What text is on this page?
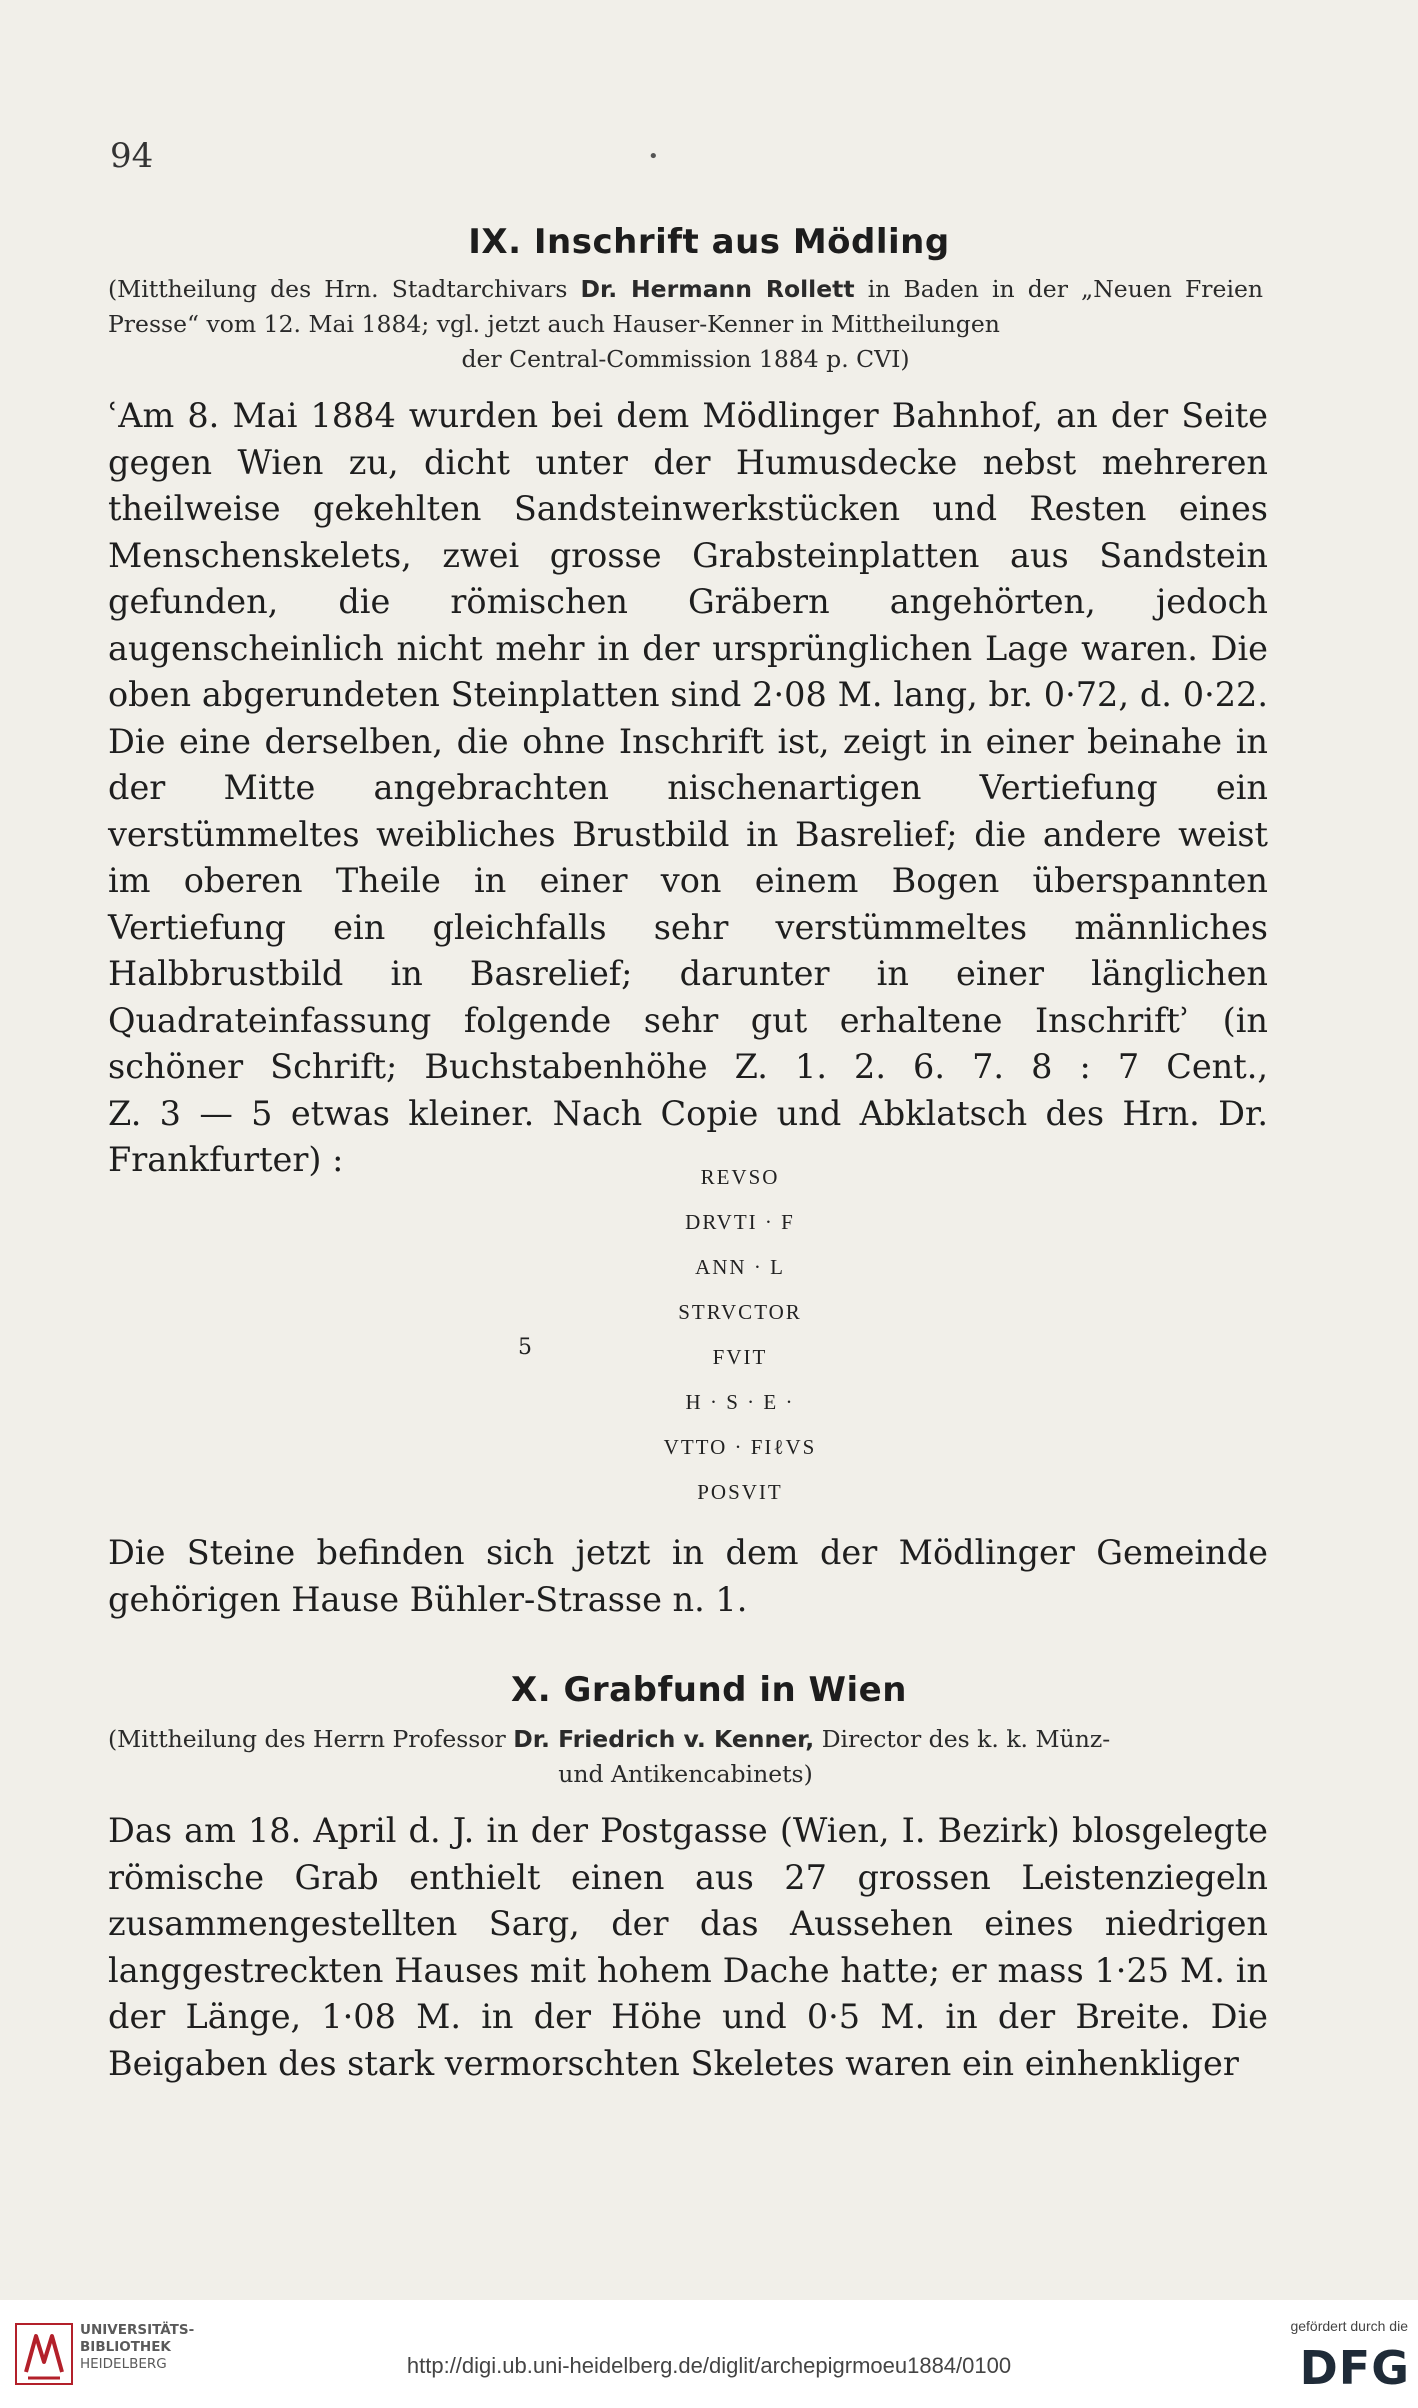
94	•
IX. Inschrift aus Mödling
(Mittheilung des Hrn. Stadtarchivars Dr. Hermann Rollett in Baden in der „Neuen Freien Presse“ vom 12. Mai 1884; vgl. jetzt auch Hauser-Kenner in Mittheilungen
der Central-Commission 1884 p. CVI)
ʿAm 8. Mai 1884 wurden bei dem Mödlinger Bahnhof, an der Seite gegen Wien zu, dicht unter der Humusdecke nebst mehreren theilweise gekehlten Sandsteinwerkstücken und Resten eines Menschenskelets, zwei grosse Grabsteinplatten aus Sandstein gefunden, die römischen Gräbern angehörten, jedoch augenscheinlich nicht mehr in der ursprünglichen Lage waren. Die oben abgerundeten Steinplatten sind 2·08 M. lang, br. 0·72, d. 0·22. Die eine derselben, die ohne Inschrift ist, zeigt in einer beinahe in der Mitte angebrachten nischenartigen Vertiefung ein verstümmeltes weibliches Brustbild in Basrelief; die andere weist im oberen Theile in einer von einem Bogen überspannten Vertiefung ein gleichfalls sehr verstümmeltes männliches Halbbrustbild in Basrelief; darunter in einer länglichen Quadrateinfassung folgende sehr gut erhaltene Inschriftʾ (in schöner Schrift; Buchstabenhöhe Z. 1. 2. 6. 7. 8 : 7 Cent.,
Z. 3 — 5 etwas kleiner. Nach Copie und Abklatsch des Hrn. Dr. Frankfurter) :	REVSO
DRVTI · F
ANN · L
STRVCTOR
FVIT
H · S · E ·
VTTO · FIℓVS
POSVIT
5
Die Steine befinden sich jetzt in dem der Mödlinger Gemeinde
gehörigen Hause Bühler-Strasse n. 1.
X. Grabfund in Wien
(Mittheilung des Herrn Professor Dr. Friedrich v. Kenner, Director des k. k. Münz-
und Antikencabinets)
Das am 18. April d. J. in der Postgasse (Wien, I. Bezirk) blosgelegte römische Grab enthielt einen aus 27 grossen Leistenziegeln zusammengestellten Sarg, der das Aussehen eines niedrigen langgestreckten Hauses mit hohem Dache hatte; er mass 1·25 M. in der Länge, 1·08 M. in der Höhe und 0·5 M. in der Breite. Die Beigaben des stark vermorschten Skeletes waren ein einhenkliger
UNIVERSITÄTS-
BIBLIOTHEK
HEIDELBERG	http://digi.ub.uni-heidelberg.de/diglit/archepigrmoeu1884/0100
gefördert durch die
DFG
